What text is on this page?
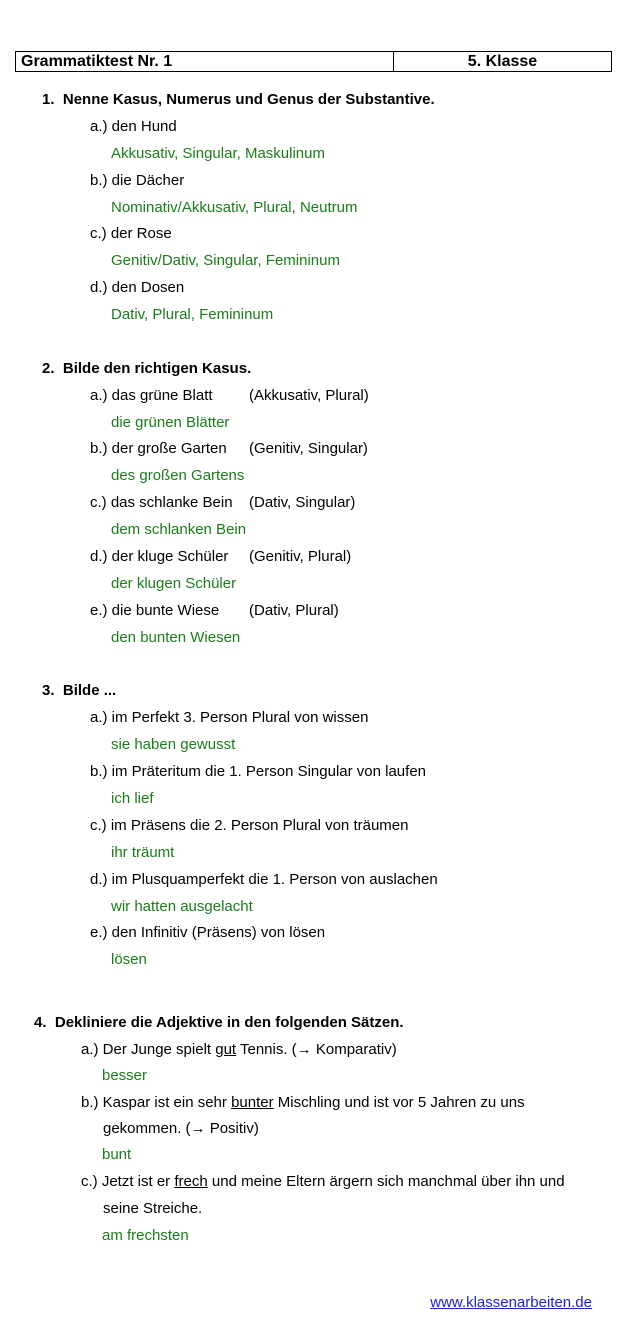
Grammatiktest Nr. 1	5. Klasse
1. Nenne Kasus, Numerus und Genus der Substantive.
a.) den Hund
Akkusativ, Singular, Maskulinum
b.) die Dächer
Nominativ/Akkusativ, Plural, Neutrum
c.) der Rose
Genitiv/Dativ, Singular, Femininum
d.) den Dosen
Dativ, Plural, Femininum
2. Bilde den richtigen Kasus.
a.) das grüne Blatt (Akkusativ, Plural)
die grünen Blätter
b.) der große Garten (Genitiv, Singular)
des großen Gartens
c.) das schlanke Bein (Dativ, Singular)
dem schlanken Bein
d.) der kluge Schüler (Genitiv, Plural)
der klugen Schüler
e.) die bunte Wiese (Dativ, Plural)
den bunten Wiesen
3. Bilde ...
a.) im Perfekt 3. Person Plural von wissen
sie haben gewusst
b.) im Präteritum die 1. Person Singular von laufen
ich lief
c.) im Präsens die 2. Person Plural von träumen
ihr träumt
d.) im Plusquamperfekt die 1. Person von auslachen
wir hatten ausgelacht
e.) den Infinitiv (Präsens) von lösen
lösen
4. Dekliniere die Adjektive in den folgenden Sätzen.
a.) Der Junge spielt gut Tennis. (→ Komparativ)
besser
b.) Kaspar ist ein sehr bunter Mischling und ist vor 5 Jahren zu uns
gekommen. (→ Positiv)
bunt
c.) Jetzt ist er frech und meine Eltern ärgern sich manchmal über ihn und
seine Streiche.
am frechsten
www.klassenarbeiten.de
